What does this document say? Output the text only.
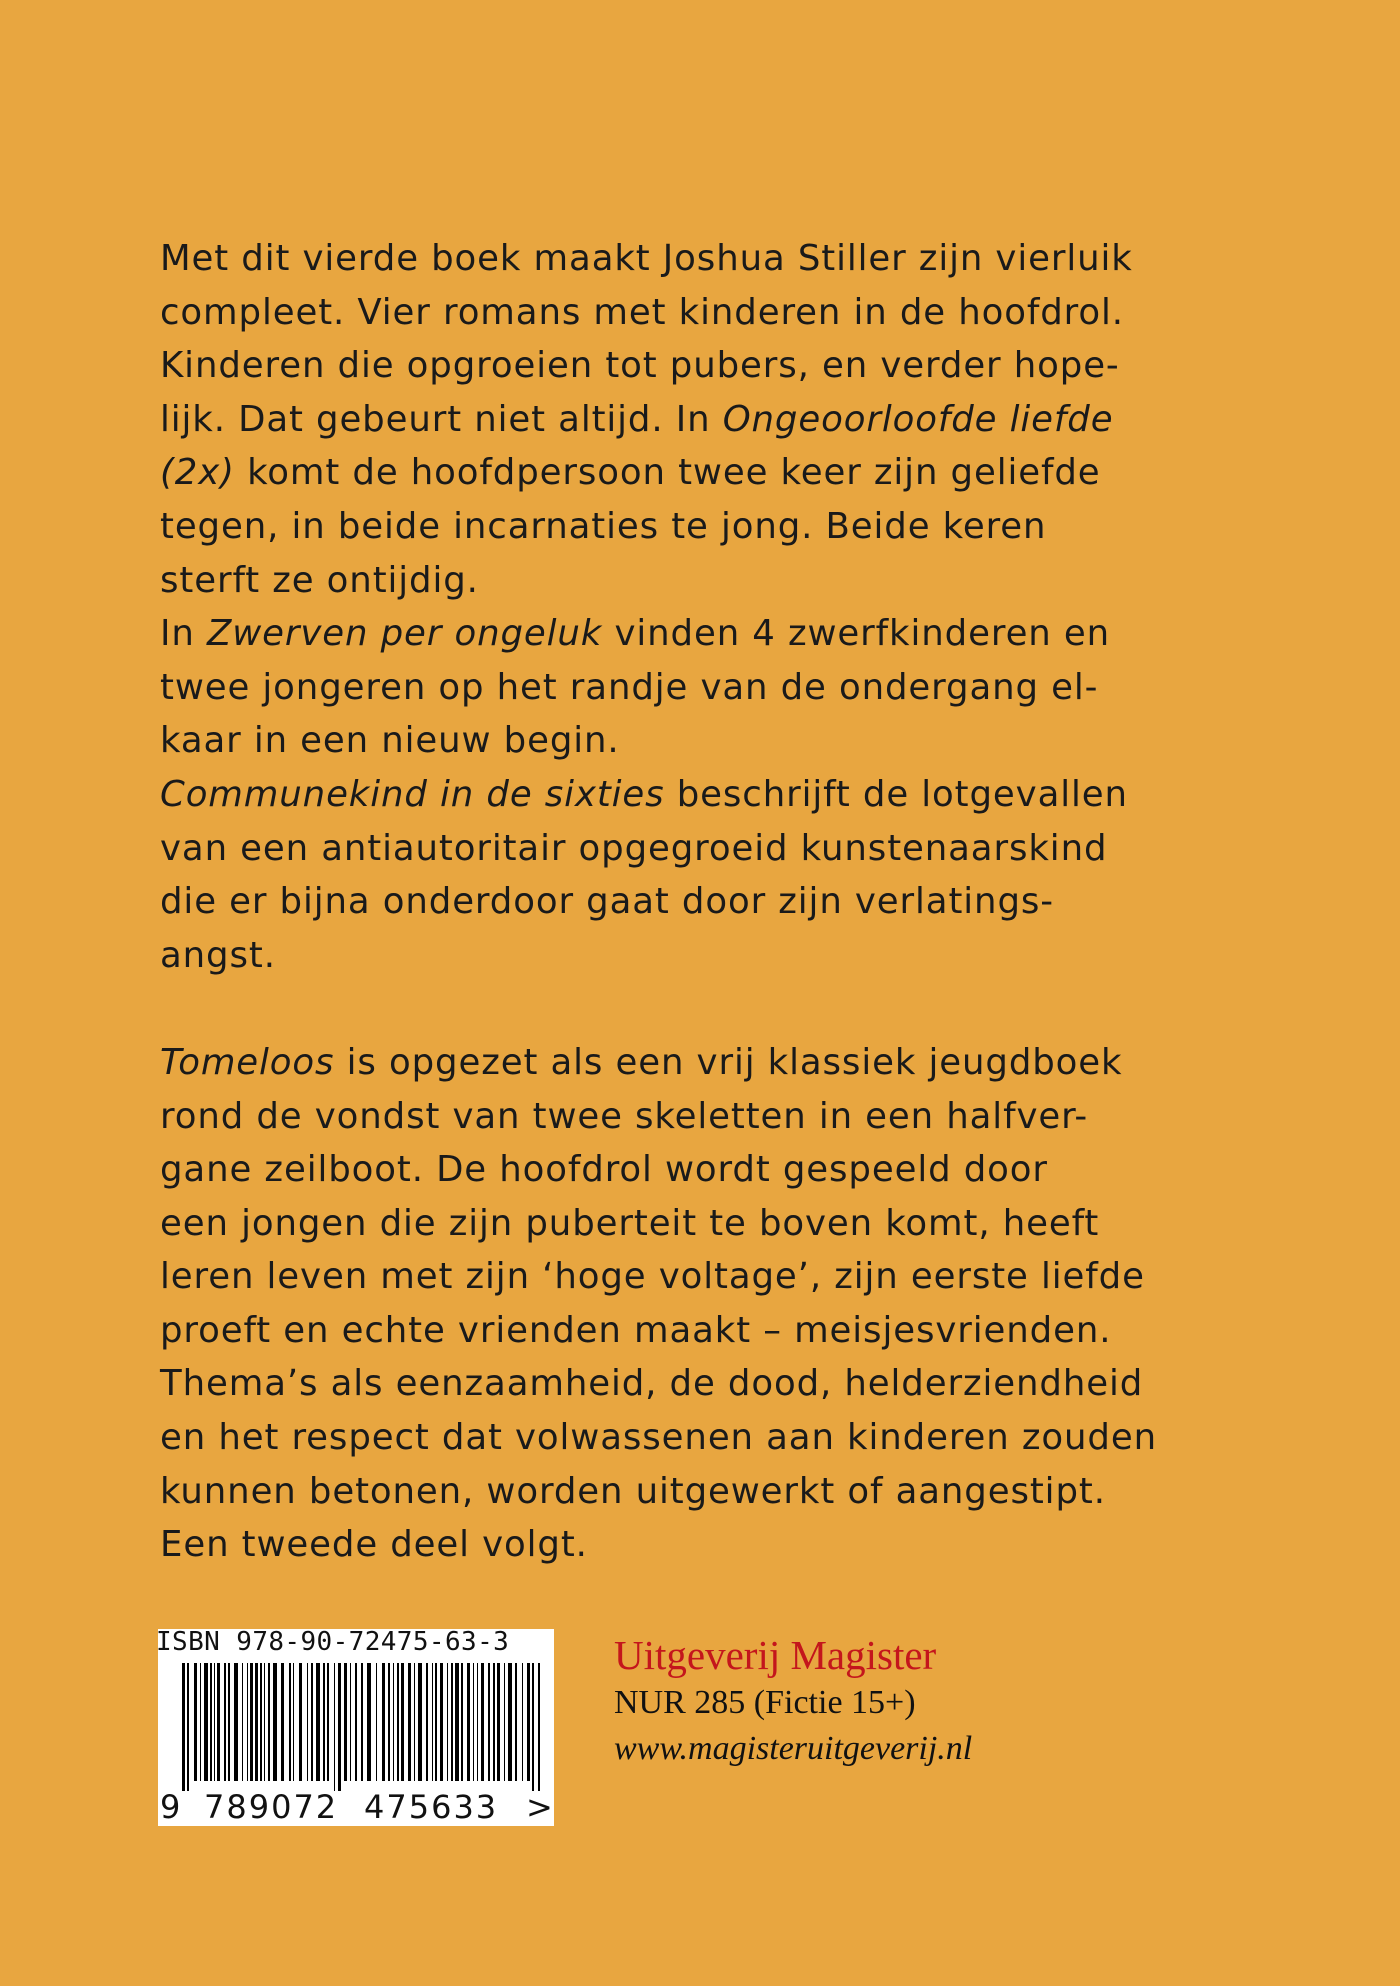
Met dit vierde boek maakt Joshua Stiller zijn vierluik
compleet. Vier romans met kinderen in de hoofdrol.
Kinderen die opgroeien tot pubers, en verder hope-
lijk. Dat gebeurt niet altijd. In Ongeoorloofde liefde
(2x) komt de hoofdpersoon twee keer zijn geliefde
tegen, in beide incarnaties te jong. Beide keren
sterft ze ontijdig.
In Zwerven per ongeluk vinden 4 zwerfkinderen en
twee jongeren op het randje van de ondergang el-
kaar in een nieuw begin.
Communekind in de sixties beschrijft de lotgevallen
van een antiautoritair opgegroeid kunstenaarskind
die er bijna onderdoor gaat door zijn verlatings-
angst.
Tomeloos is opgezet als een vrij klassiek jeugdboek
rond de vondst van twee skeletten in een halfver-
gane zeilboot. De hoofdrol wordt gespeeld door
een jongen die zijn puberteit te boven komt, heeft
leren leven met zijn ‘hoge voltage’, zijn eerste liefde
proeft en echte vrienden maakt – meisjesvrienden.
Thema’s als eenzaamheid, de dood, helderziendheid
en het respect dat volwassenen aan kinderen zouden
kunnen betonen, worden uitgewerkt of aangestipt.
Een tweede deel volgt.
ISBN 978-90-72475-63-3
9 789072 475633 >
Uitgeverij Magister
NUR 285 (Fictie 15+)
www.magisteruitgeverij.nl
